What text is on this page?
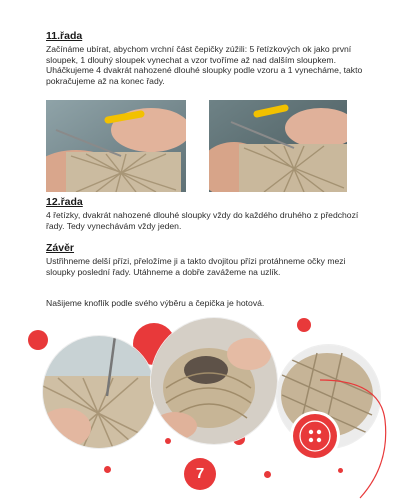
11.řada
Začínáme ubírat, abychom vrchní část čepičky zúžili: 5 řetízkových ok jako první sloupek, 1 dlouhý sloupek vynechat a vzor tvoříme až nad dalším sloupkem. Uháčkujeme 4 dvakrát nahozené dlouhé sloupky podle vzoru a 1 vynecháme, takto pokračujeme až na konec řady.
12.řada
4 řetízky, dvakrát nahozené dlouhé sloupky vždy do každého druhého z předchozí řady. Tedy vynechávám vždy jeden.
Závěr
Ustřihneme delší přízi, přeložíme ji a takto dvojitou přízi protáhneme očky mezi sloupky poslední řady. Utáhneme a dobře zavážeme na uzlík.
Našijeme knoflík podle svého výběru a čepička je hotová.
7
